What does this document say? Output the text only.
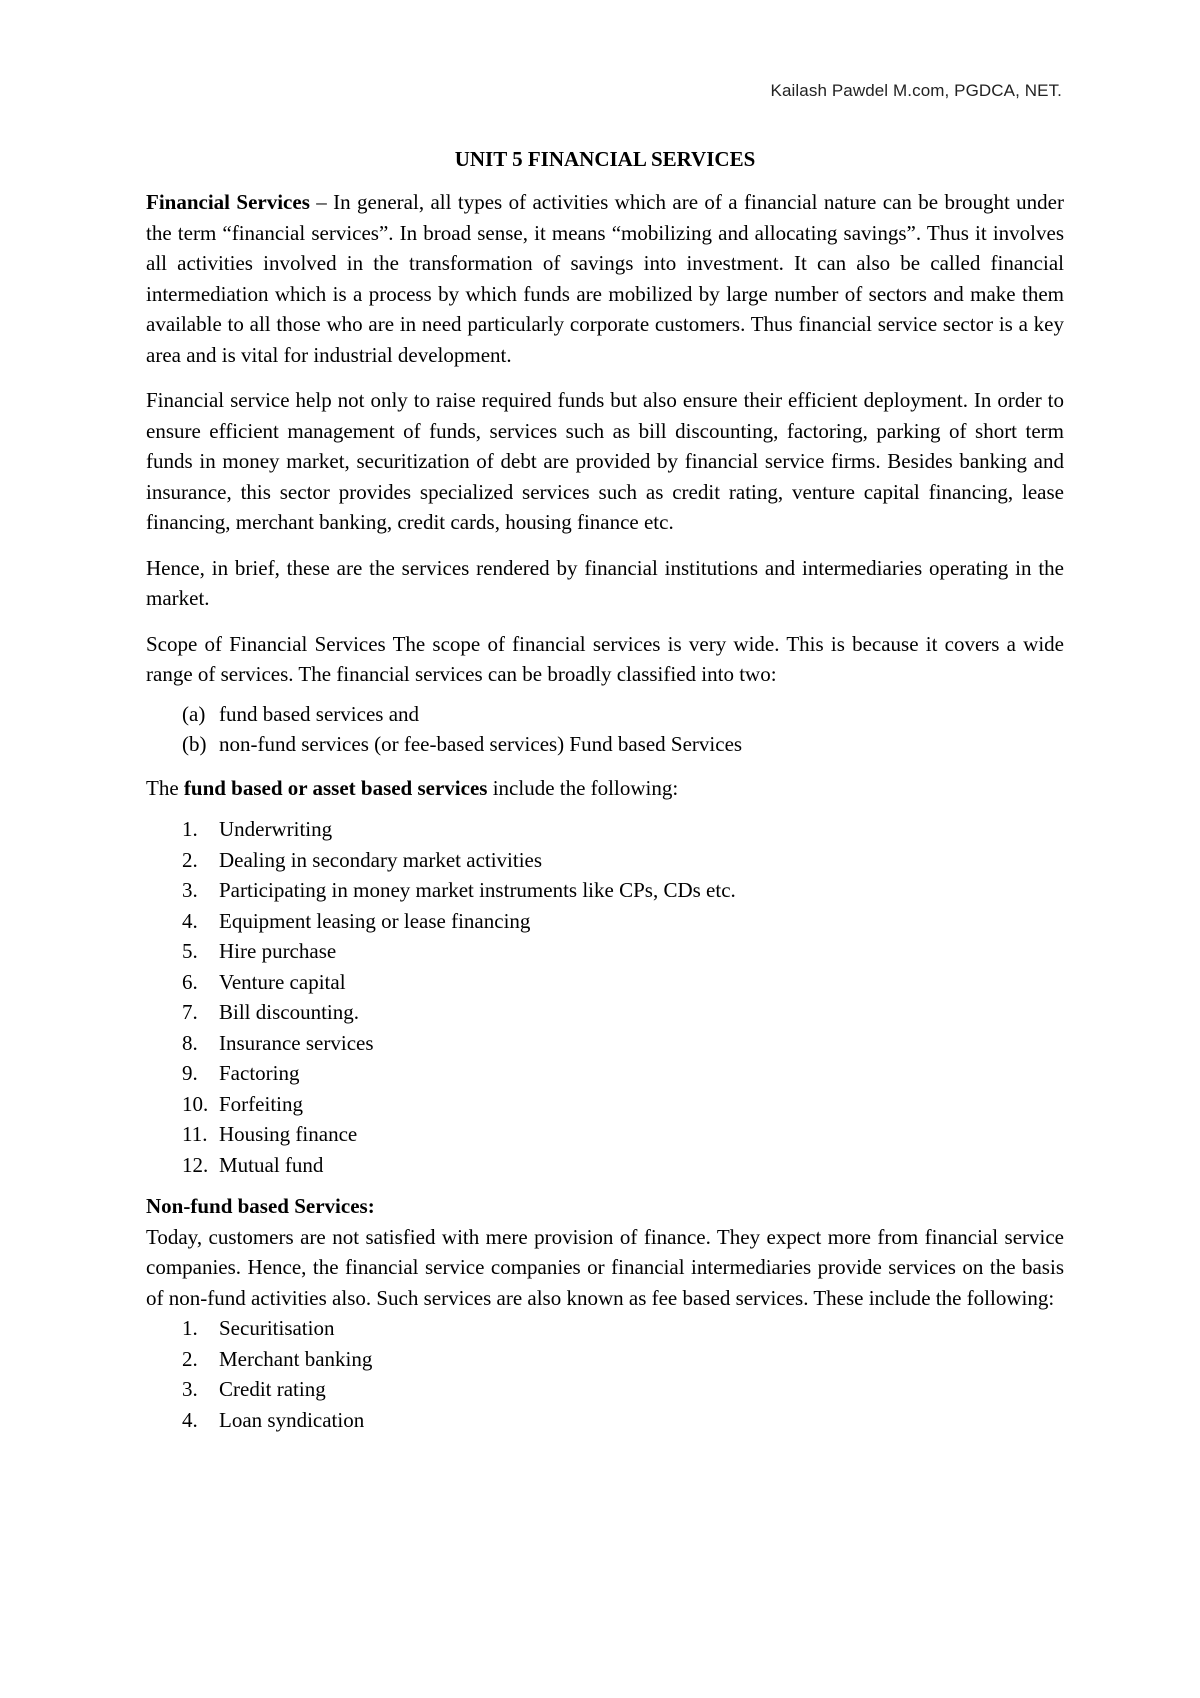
Kailash Pawdel M.com, PGDCA, NET.
UNIT 5 FINANCIAL SERVICES

Financial Services – In general, all types of activities which are of a financial nature can be brought under the term “financial services”. In broad sense, it means “mobilizing and allocating savings”. Thus it involves all activities involved in the transformation of savings into investment. It can also be called financial intermediation which is a process by which funds are mobilized by large number of sectors and make them available to all those who are in need particularly corporate customers. Thus financial service sector is a key area and is vital for industrial development.

Financial service help not only to raise required funds but also ensure their efficient deployment. In order to ensure efficient management of funds, services such as bill discounting, factoring, parking of short term funds in money market, securitization of debt are provided by financial service firms. Besides banking and insurance, this sector provides specialized services such as credit rating, venture capital financing, lease financing, merchant banking, credit cards, housing finance etc.

Hence, in brief, these are the services rendered by financial institutions and intermediaries operating in the market.

Scope of Financial Services The scope of financial services is very wide. This is because it covers a wide range of services. The financial services can be broadly classified into two:

(a) fund based services and
(b) non-fund services (or fee-based services) Fund based Services

The fund based or asset based services include the following:

1.	Underwriting
2.	Dealing in secondary market activities
3.	Participating in money market instruments like CPs, CDs etc.
4.	Equipment leasing or lease financing
5.	Hire purchase
6.	Venture capital
7.	Bill discounting.
8.	Insurance services
9.	Factoring
10. Forfeiting
11. Housing finance
12. Mutual fund
Non-fund based Services:

Today, customers are not satisfied with mere provision of finance. They expect more from financial service companies. Hence, the financial service companies or financial intermediaries provide services on the basis of non-fund activities also. Such services are also known as fee based services. These include the following:

1.	Securitisation
2.	Merchant banking
3.	Credit rating
4.	Loan syndication
